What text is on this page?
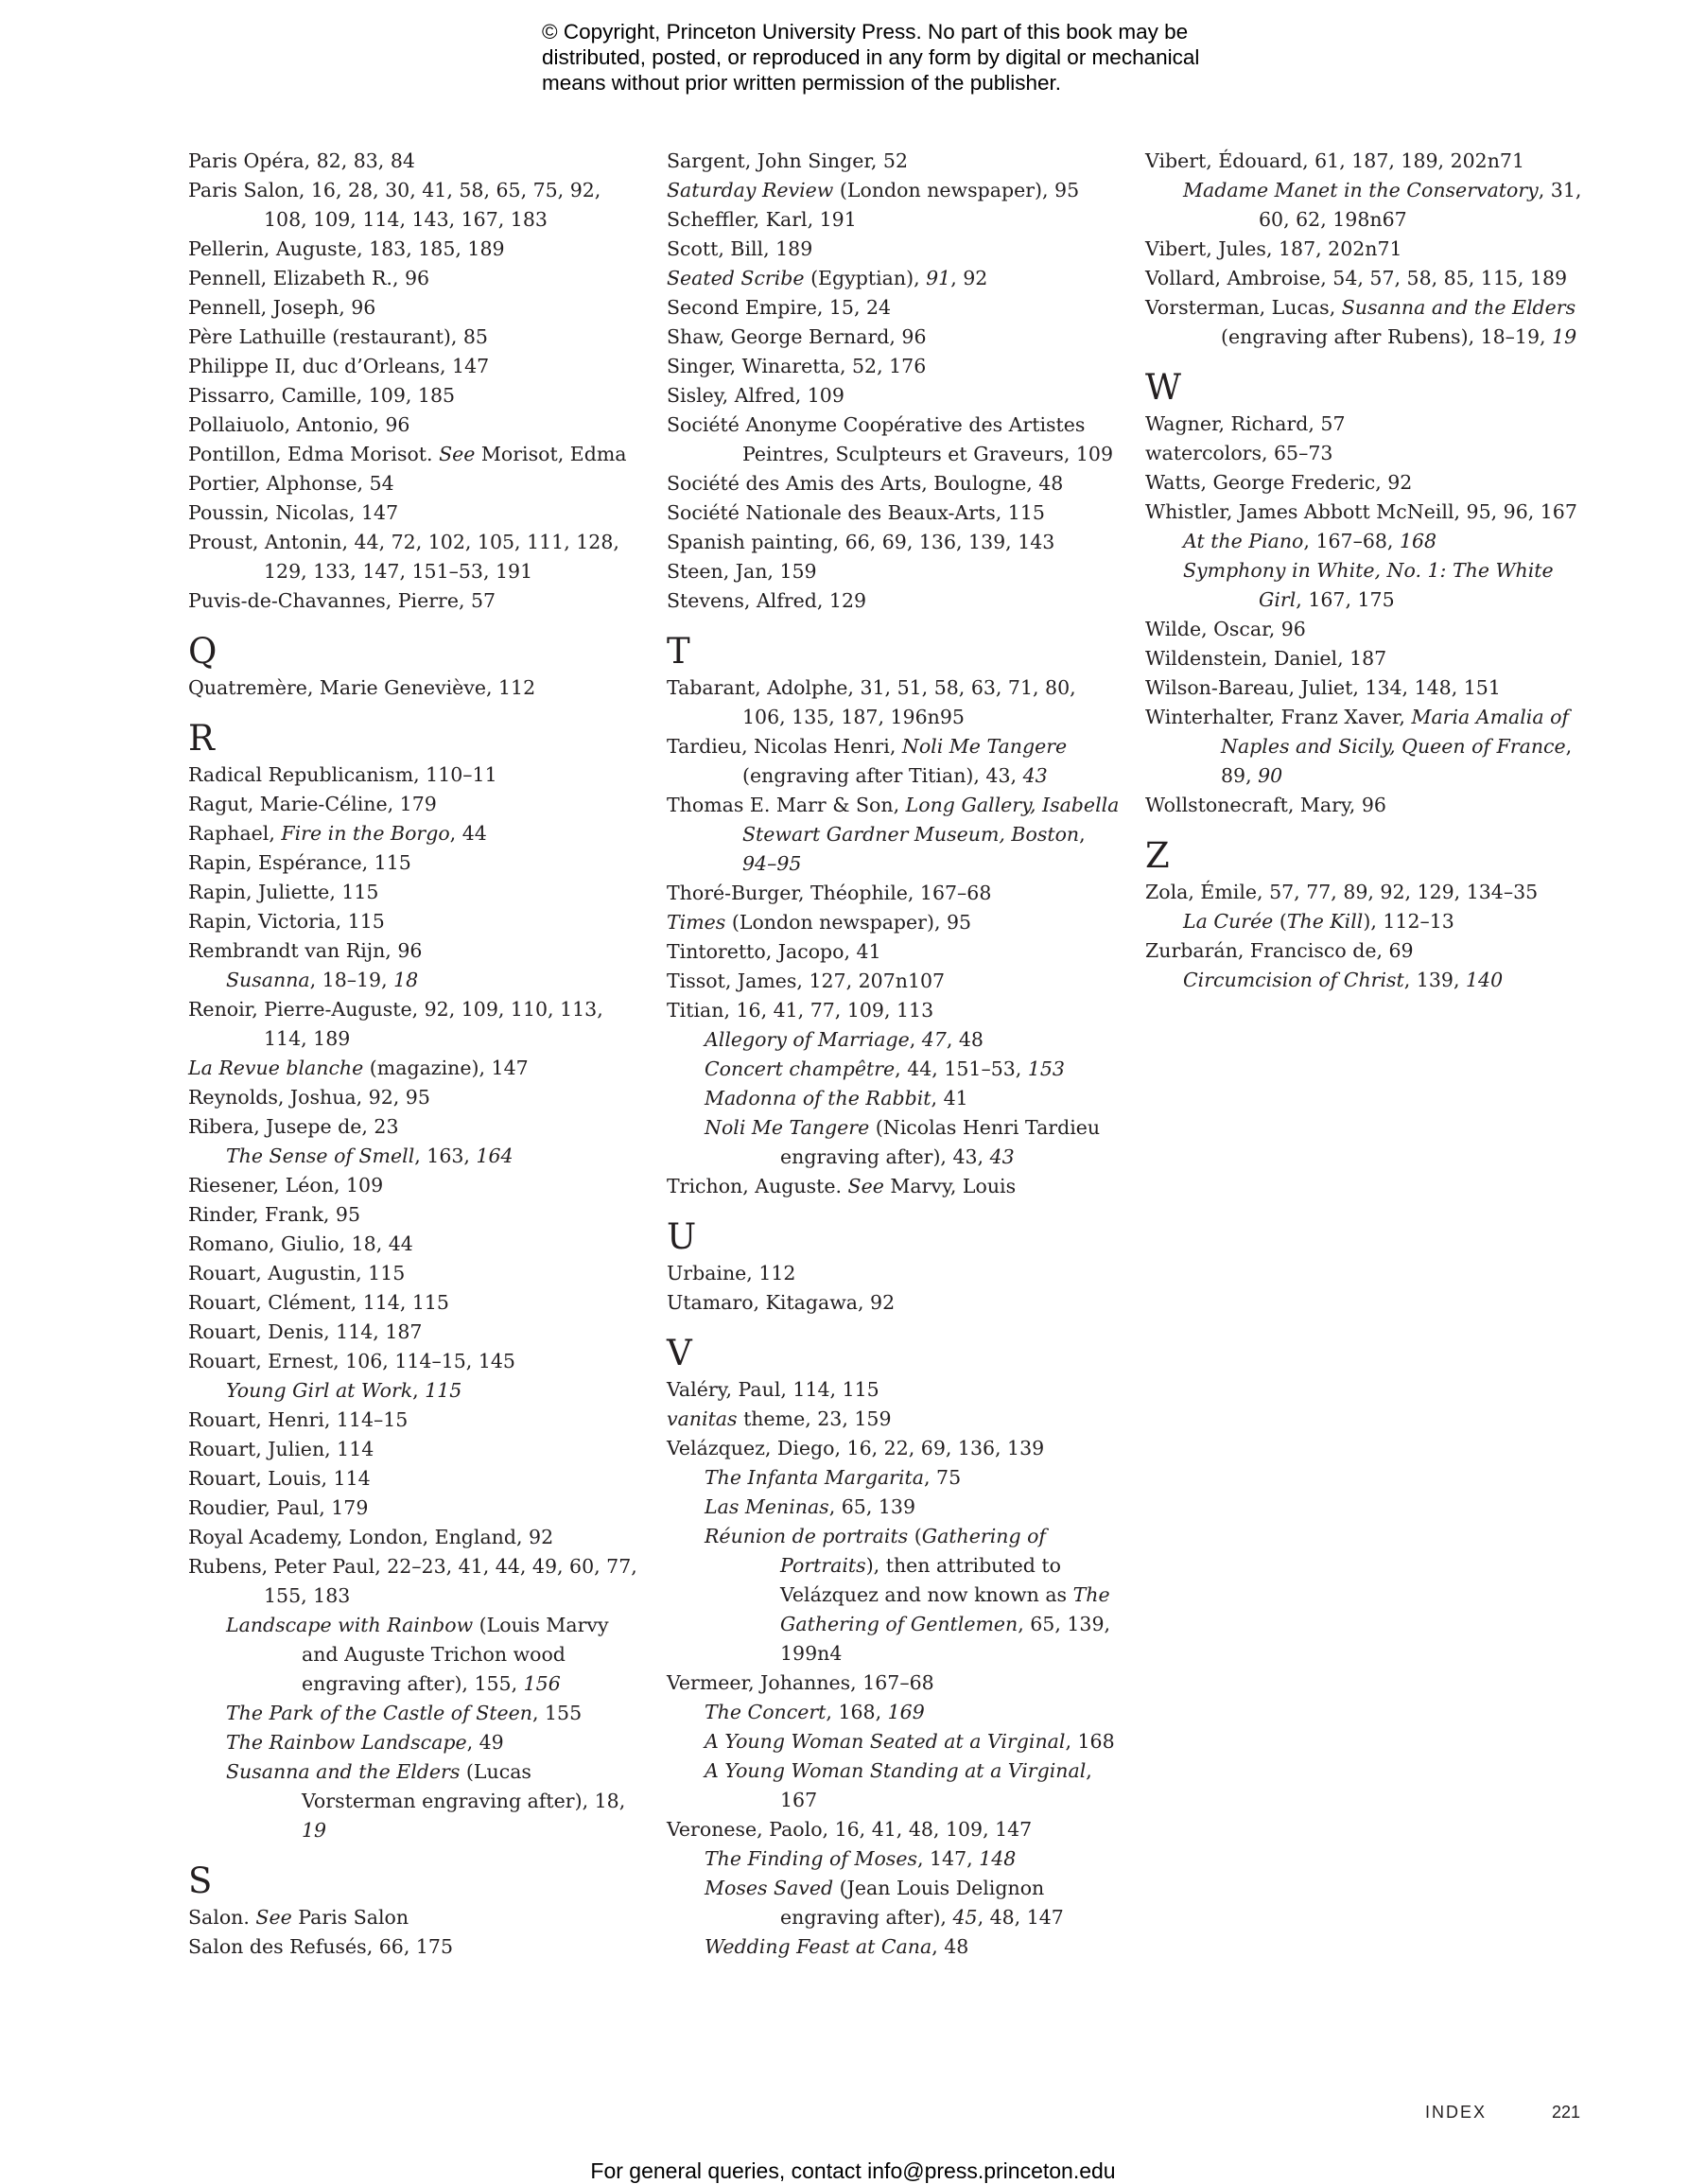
© Copyright, Princeton University Press. No part of this book may be
distributed, posted, or reproduced in any form by digital or mechanical
means without prior written permission of the publisher.
Paris Opéra, 82, 83, 84
Paris Salon, 16, 28, 30, 41, 58, 65, 75, 92, 108, 109, 114, 143, 167, 183
Pellerin, Auguste, 183, 185, 189
Pennell, Elizabeth R., 96
Pennell, Joseph, 96
Père Lathuille (restaurant), 85
Philippe II, duc d’Orleans, 147
Pissarro, Camille, 109, 185
Pollaiuolo, Antonio, 96
Pontillon, Edma Morisot. See Morisot, Edma
Portier, Alphonse, 54
Poussin, Nicolas, 147
Proust, Antonin, 44, 72, 102, 105, 111, 128, 129, 133, 147, 151–53, 191
Puvis-de-Chavannes, Pierre, 57
Q
Quatremère, Marie Geneviève, 112
R
Radical Republicanism, 110–11
Ragut, Marie-Céline, 179
Raphael, Fire in the Borgo, 44
Rapin, Espérance, 115
Rapin, Juliette, 115
Rapin, Victoria, 115
Rembrandt van Rijn, 96
Susanna, 18–19, 18
Renoir, Pierre-Auguste, 92, 109, 110, 113, 114, 189
La Revue blanche (magazine), 147
Reynolds, Joshua, 92, 95
Ribera, Jusepe de, 23
The Sense of Smell, 163, 164
Riesener, Léon, 109
Rinder, Frank, 95
Romano, Giulio, 18, 44
Rouart, Augustin, 115
Rouart, Clément, 114, 115
Rouart, Denis, 114, 187
Rouart, Ernest, 106, 114–15, 145
Young Girl at Work, 115
Rouart, Henri, 114–15
Rouart, Julien, 114
Rouart, Louis, 114
Roudier, Paul, 179
Royal Academy, London, England, 92
Rubens, Peter Paul, 22–23, 41, 44, 49, 60, 77, 155, 183
Landscape with Rainbow (Louis Marvy and Auguste Trichon wood engraving after), 155, 156
The Park of the Castle of Steen, 155
The Rainbow Landscape, 49
Susanna and the Elders (Lucas Vorsterman engraving after), 18, 19
S
Salon. See Paris Salon
Salon des Refusés, 66, 175
Sargent, John Singer, 52
Saturday Review (London newspaper), 95
Scheffler, Karl, 191
Scott, Bill, 189
Seated Scribe (Egyptian), 91, 92
Second Empire, 15, 24
Shaw, George Bernard, 96
Singer, Winaretta, 52, 176
Sisley, Alfred, 109
Société Anonyme Coopérative des Artistes Peintres, Sculpteurs et Graveurs, 109
Société des Amis des Arts, Boulogne, 48
Société Nationale des Beaux-Arts, 115
Spanish painting, 66, 69, 136, 139, 143
Steen, Jan, 159
Stevens, Alfred, 129
T
Tabarant, Adolphe, 31, 51, 58, 63, 71, 80, 106, 135, 187, 196n95
Tardieu, Nicolas Henri, Noli Me Tangere (engraving after Titian), 43, 43
Thomas E. Marr & Son, Long Gallery, Isabella Stewart Gardner Museum, Boston, 94–95
Thoré-Burger, Théophile, 167–68
Times (London newspaper), 95
Tintoretto, Jacopo, 41
Tissot, James, 127, 207n107
Titian, 16, 41, 77, 109, 113
Allegory of Marriage, 47, 48
Concert champêtre, 44, 151–53, 153
Madonna of the Rabbit, 41
Noli Me Tangere (Nicolas Henri Tardieu engraving after), 43, 43
Trichon, Auguste. See Marvy, Louis
U
Urbaine, 112
Utamaro, Kitagawa, 92
V
Valéry, Paul, 114, 115
vanitas theme, 23, 159
Velázquez, Diego, 16, 22, 69, 136, 139
The Infanta Margarita, 75
Las Meninas, 65, 139
Réunion de portraits (Gathering of Portraits), then attributed to Velázquez and now known as The Gathering of Gentlemen, 65, 139, 199n4
Vermeer, Johannes, 167–68
The Concert, 168, 169
A Young Woman Seated at a Virginal, 168
A Young Woman Standing at a Virginal, 167
Veronese, Paolo, 16, 41, 48, 109, 147
The Finding of Moses, 147, 148
Moses Saved (Jean Louis Delignon engraving after), 45, 48, 147
Wedding Feast at Cana, 48
Vibert, Édouard, 61, 187, 189, 202n71
Madame Manet in the Conservatory, 31, 60, 62, 198n67
Vibert, Jules, 187, 202n71
Vollard, Ambroise, 54, 57, 58, 85, 115, 189
Vorsterman, Lucas, Susanna and the Elders (engraving after Rubens), 18–19, 19
W
Wagner, Richard, 57
watercolors, 65–73
Watts, George Frederic, 92
Whistler, James Abbott McNeill, 95, 96, 167
At the Piano, 167–68, 168
Symphony in White, No. 1: The White Girl, 167, 175
Wilde, Oscar, 96
Wildenstein, Daniel, 187
Wilson-Bareau, Juliet, 134, 148, 151
Winterhalter, Franz Xaver, Maria Amalia of Naples and Sicily, Queen of France, 89, 90
Wollstonecraft, Mary, 96
Z
Zola, Émile, 57, 77, 89, 92, 129, 134–35
La Curée (The Kill), 112–13
Zurbarán, Francisco de, 69
Circumcision of Christ, 139, 140
INDEX	221
For general queries, contact info@press.princeton.edu
